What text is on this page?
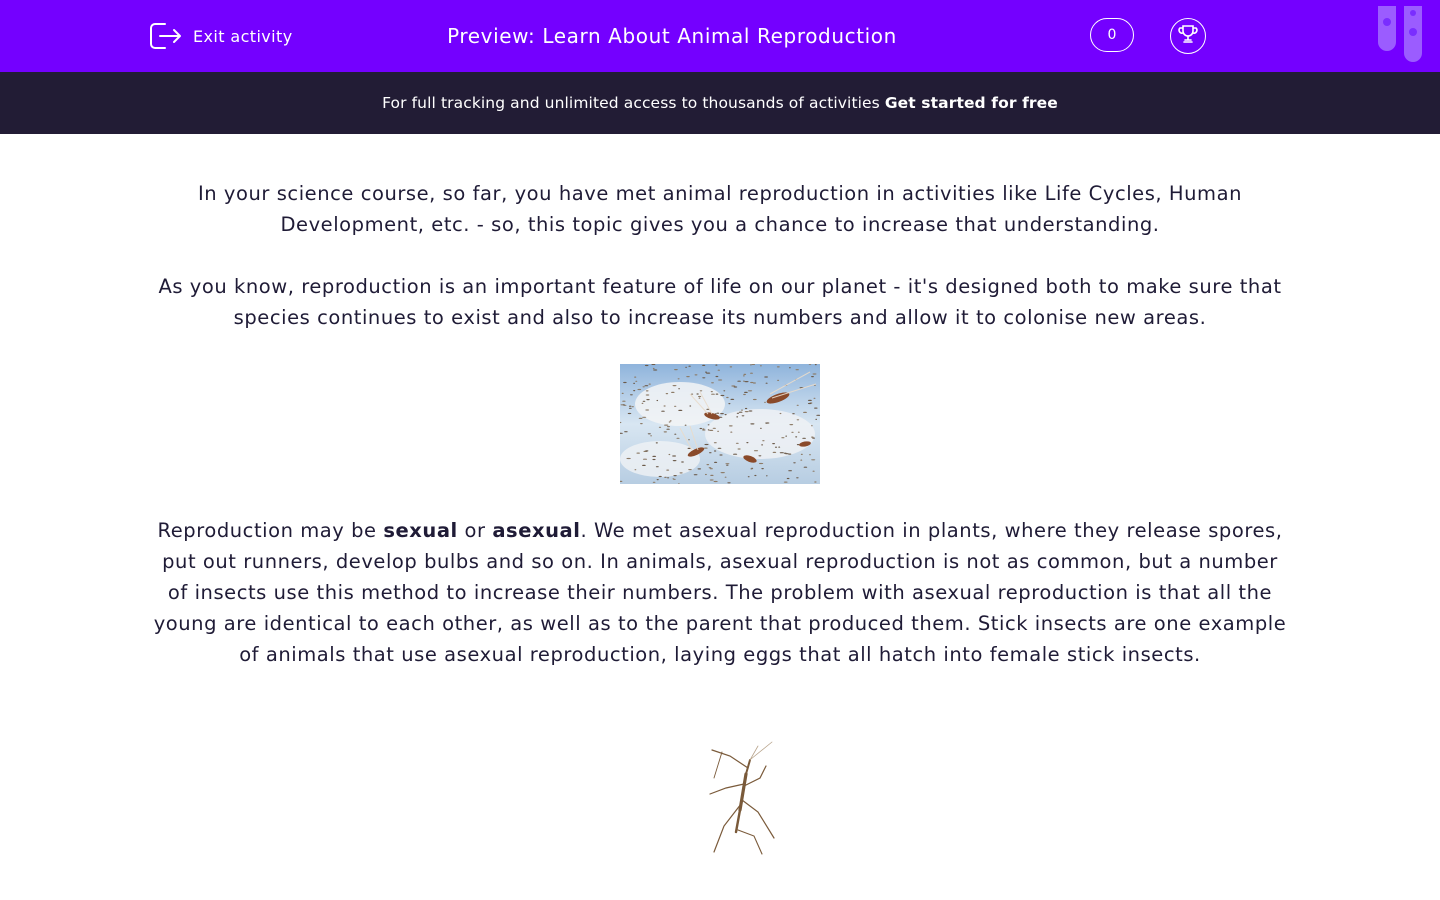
Exit activity	Preview: Learn About Animal Reproduction	0
For full tracking and unlimited access to thousands of activities Get started for free

In your science course, so far, you have met animal reproduction in activities like Life Cycles, Human Development, etc. - so, this topic gives you a chance to increase that understanding.

As you know, reproduction is an important feature of life on our planet - it's designed both to make sure that species continues to exist and also to increase its numbers and allow it to colonise new areas.

Reproduction may be sexual or asexual. We met asexual reproduction in plants, where they release spores, put out runners, develop bulbs and so on. In animals, asexual reproduction is not as common, but a number of insects use this method to increase their numbers. The problem with asexual reproduction is that all the young are identical to each other, as well as to the parent that produced them. Stick insects are one example of animals that use asexual reproduction, laying eggs that all hatch into female stick insects.
